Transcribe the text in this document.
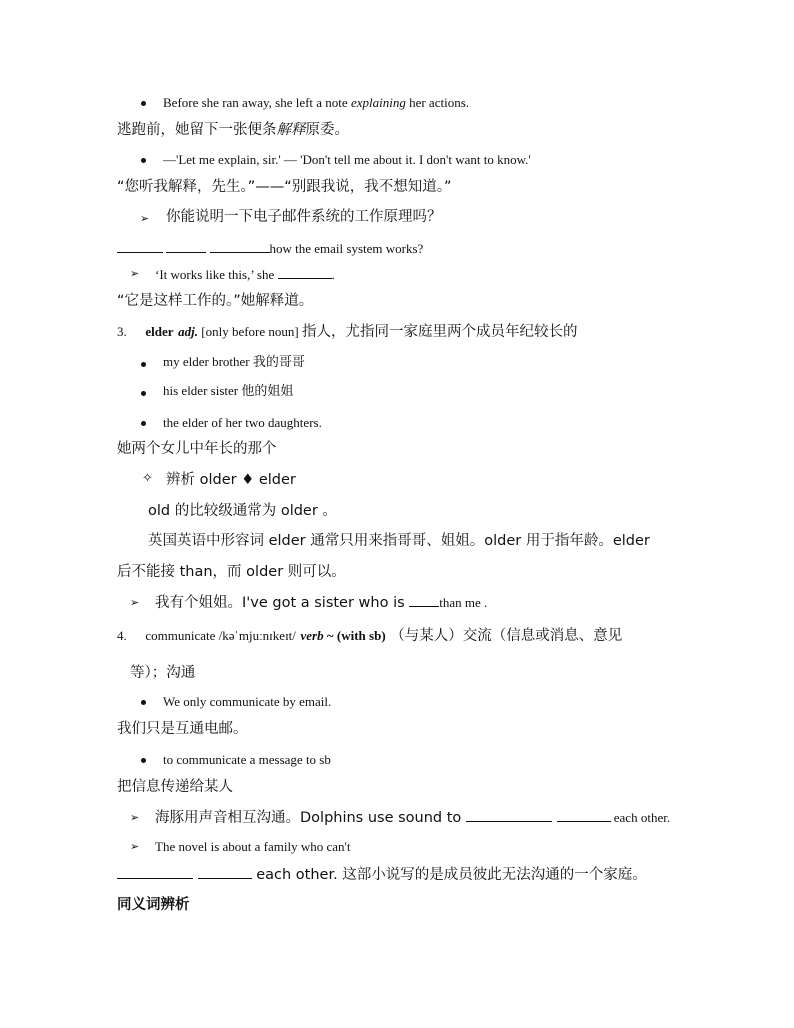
Before she ran away, she left a note explaining her actions.
逃跑前，她留下一张便条解释原委。
—'Let me explain, sir.' — 'Don't tell me about it. I don't want to know.'
“您听我解释，先生。”——“别跟我说，我不想知道。”
➢ 你能说明一下电子邮件系统的工作原理吗？
how the email system works?
➢ ‘It works like this,’ she	.
“它是这样工作的。”她解释道。
3. elder adj. [only before noun] 指人，尤指同一家庭里两个成员年纪较长的
my elder brother 我的哥哥
his elder sister 他的姐姐
the elder of her two daughters.
她两个女儿中年长的那个
✧ 辨析 older ♦ elder
old 的比较级通常为 older 。
英国英语中形容词 elder 通常只用来指哥哥、姐姐。older 用于指年龄。elder
后不能接 than，而 older 则可以。
➢ 我有个姐姐。I've got a sister who is than me .
4. communicate /kəˈmjuːnɪkeɪt/ verb ~ (with sb) （与某人）交流（信息或消息、意见
等）；沟通
We only communicate by email.
我们只是互通电邮。
to communicate a message to sb
把信息传递给某人
➢ 海豚用声音相互沟通。Dolphins use sound to	each other.
➢ The novel is about a family who can't
each other. 这部小说写的是成员彼此无法沟通的一个家庭。
同义词辨析
